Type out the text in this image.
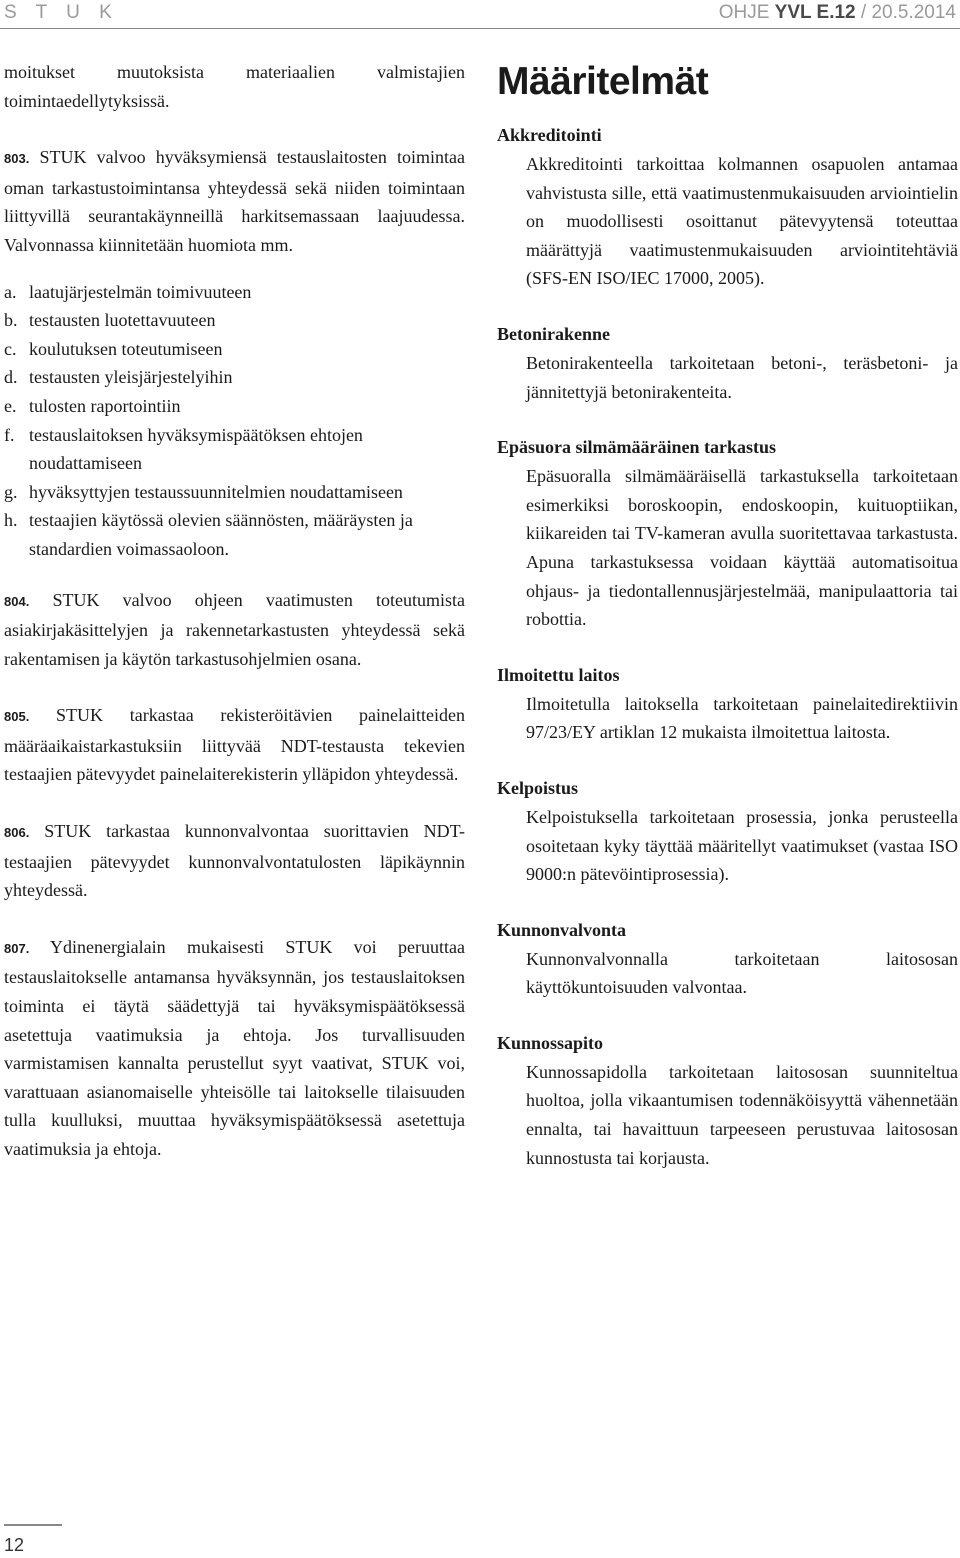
S T U K	OHJE YVL E.12 / 20.5.2014

moitukset muutoksista materiaalien valmistajien toimintaedellytyksissä.

803. STUK valvoo hyväksymiensä testauslaitosten toimintaa oman tarkastustoimintansa yhteydessä sekä niiden toimintaan liittyvillä seurantakäynneillä harkitsemassaan laajuudessa. Valvonnassa kiinnitetään huomiota mm.

a. laatujärjestelmän toimivuuteen
b. testausten luotettavuuteen
c. koulutuksen toteutumiseen
d. testausten yleisjärjestelyihin
e. tulosten raportointiin
f. testauslaitoksen hyväksymispäätöksen ehtojen noudattamiseen
g. hyväksyttyjen testaussuunnitelmien noudattamiseen
h. testaajien käytössä olevien säännösten, määräysten ja standardien voimassaoloon.

804. STUK valvoo ohjeen vaatimusten toteutumista asiakirjakäsittelyjen ja rakennetarkastusten yhteydessä sekä rakentamisen ja käytön tarkastusohjelmien osana.

805. STUK tarkastaa rekisteröitävien painelaitteiden määräaikaistarkastuksiin liittyvää NDT-testausta tekevien testaajien pätevyydet painelaiterekisterin ylläpidon yhteydessä.

806. STUK tarkastaa kunnonvalvontaa suorittavien NDT-testaajien pätevyydet kunnonvalvontatulosten läpikäynnin yhteydessä.

807. Ydinenergialain mukaisesti STUK voi peruuttaa testauslaitokselle antamansa hyväksynnän, jos testauslaitoksen toiminta ei täytä säädettyjä tai hyväksymispäätöksessä asetettuja vaatimuksia ja ehtoja. Jos turvallisuuden varmistamisen kannalta perustellut syyt vaativat, STUK voi, varattuaan asianomaiselle yhteisölle tai laitokselle tilaisuuden tulla kuulluksi, muuttaa hyväksymispäätöksessä asetettuja vaatimuksia ja ehtoja.

Määritelmät
Akkreditointi
Akkreditointi tarkoittaa kolmannen osapuolen antamaa vahvistusta sille, että vaatimustenmukaisuuden arviointielin on muodollisesti osoittanut pätevyytensä toteuttaa määrättyjä vaatimustenmukaisuuden arviointitehtäviä (SFS-EN ISO/IEC 17000, 2005).
Betonirakenne
Betonirakenteella tarkoitetaan betoni-, teräsbetoni- ja jännitettyjä betonirakenteita.
Epäsuora silmämääräinen tarkastus
Epäsuoralla silmämääräisellä tarkastuksella tarkoitetaan esimerkiksi boroskoopin, endoskoopin, kuituoptiikan, kiikareiden tai TV-kameran avulla suoritettavaa tarkastusta. Apuna tarkastuksessa voidaan käyttää automatisoitua ohjaus- ja tiedontallennusjärjestelmää, manipulaattoria tai robottia.
Ilmoitettu laitos
Ilmoitetulla laitoksella tarkoitetaan painelaitedirektiivin 97/23/EY artiklan 12 mukaista ilmoitettua laitosta.
Kelpoistus
Kelpoistuksella tarkoitetaan prosessia, jonka perusteella osoitetaan kyky täyttää määritellyt vaatimukset (vastaa ISO 9000:n pätevöintiprosessia).
Kunnonvalvonta
Kunnonvalvonnalla tarkoitetaan laitososan käyttökuntoisuuden valvontaa.
Kunnossapito
Kunnossapidolla tarkoitetaan laitososan suunniteltua huoltoa, jolla vikaantumisen todennäköisyyttä vähennetään ennalta, tai havaittuun tarpeeseen perustuvaa laitososan kunnostusta tai korjausta.
12
